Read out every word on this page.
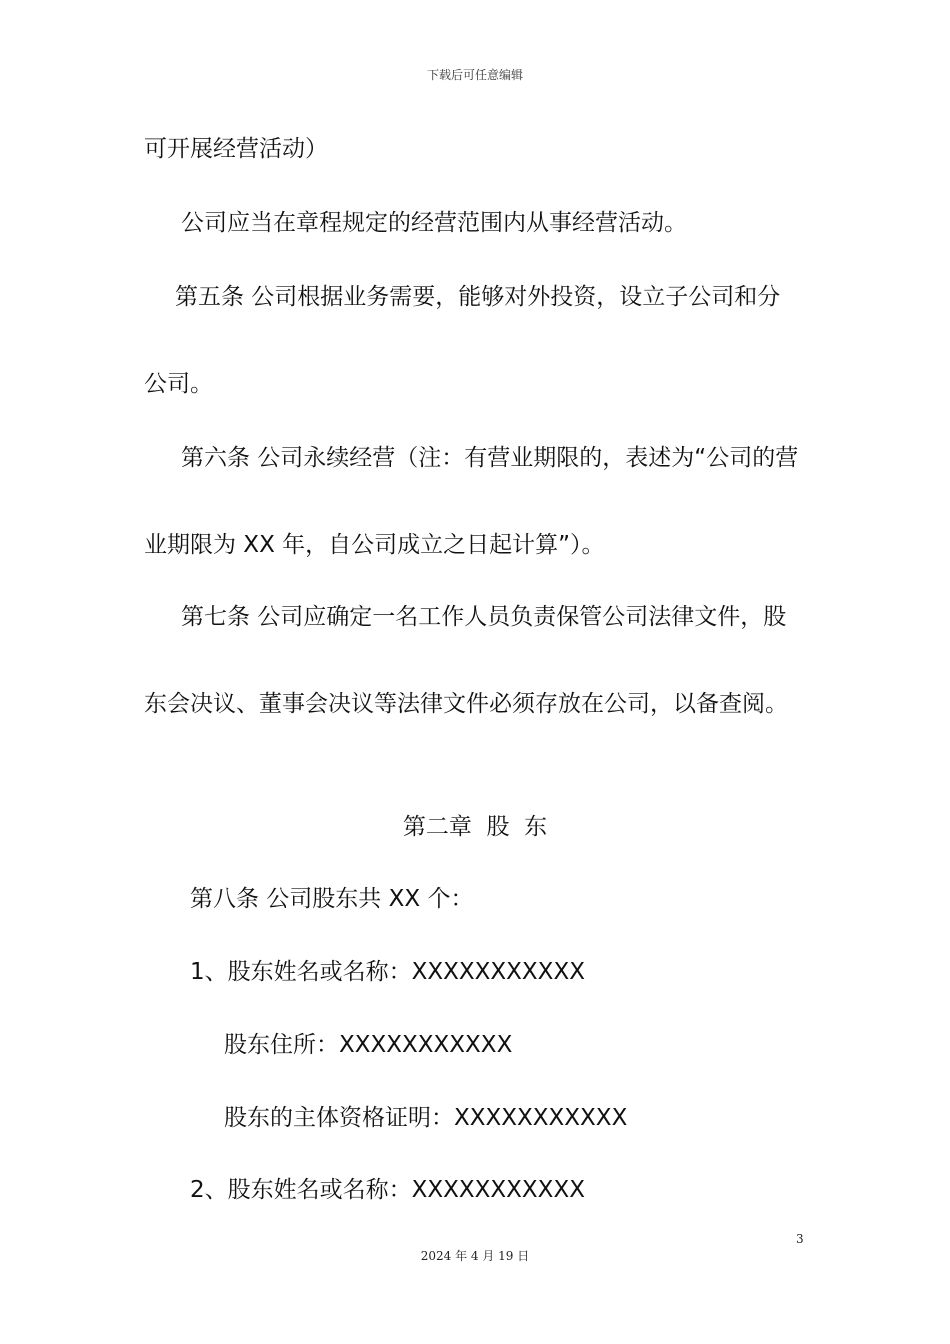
下载后可任意编辑
可开展经营活动）
公司应当在章程规定的经营范围内从事经营活动。
第五条 公司根据业务需要，能够对外投资，设立子公司和分
公司。
第六条 公司永续经营（注：有营业期限的，表述为“公司的营
业期限为 XX 年，自公司成立之日起计算”）。
第七条 公司应确定一名工作人员负责保管公司法律文件，股
东会决议、董事会决议等法律文件必须存放在公司，以备查阅。
第二章  股  东
第八条 公司股东共 XX 个：
1、股东姓名或名称：XXXXXXXXXXX
股东住所：XXXXXXXXXXX
股东的主体资格证明：XXXXXXXXXXX
2、股东姓名或名称：XXXXXXXXXXX
3
2024 年 4 月 19 日
